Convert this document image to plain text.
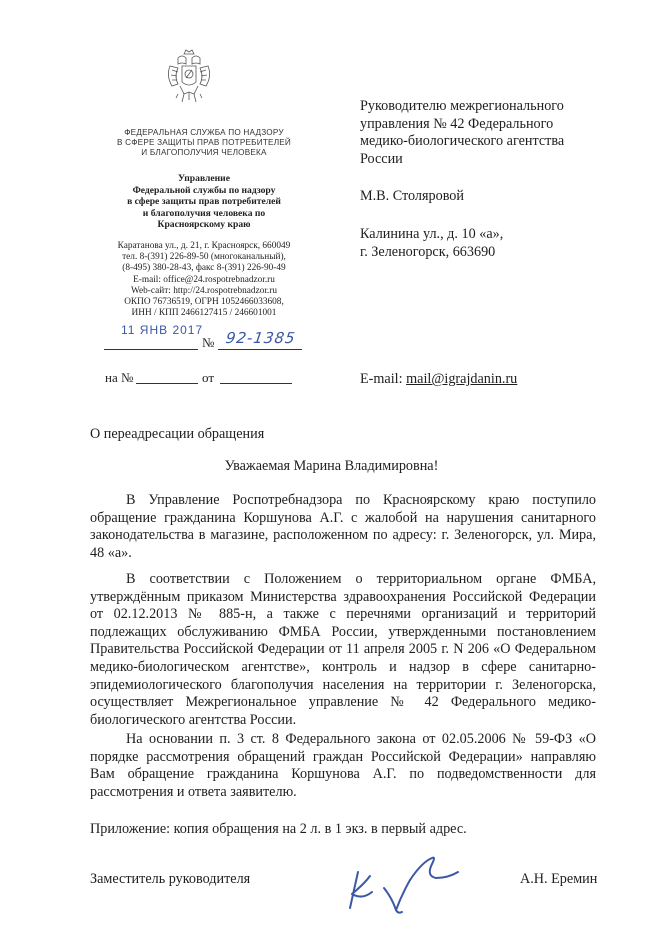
ФЕДЕРАЛЬНАЯ СЛУЖБА ПО НАДЗОРУ
В СФЕРЕ ЗАЩИТЫ ПРАВ ПОТРЕБИТЕЛЕЙ
И БЛАГОПОЛУЧИЯ ЧЕЛОВЕКА
Управление
Федеральной службы по надзору
в сфере защиты прав потребителей
и благополучия человека по
Красноярскому краю
Каратанова ул., д. 21, г. Красноярск, 660049
тел. 8-(391) 226-89-50 (многоканальный),
(8-495) 380-28-43, факс 8-(391) 226-90-49
E-mail: office@24.rospotrebnadzor.ru
Web-сайт: http://24.rospotrebnadzor.ru
ОКПО 76736519, ОГРН 1052466033608,
ИНН / КПП 2466127415 / 246601001
11 ЯНВ 2017
№ 92-1385
на №	от
Руководителю межрегионального
управления № 42 Федерального
медико-биологического агентства
России
М.В. Столяровой
Калинина ул., д. 10 «а»,
г. Зеленогорск, 663690
E-mail: mail@igrajdanin.ru
О переадресации обращения
Уважаемая Марина Владимировна!
В Управление Роспотребнадзора по Красноярскому краю поступило обращение гражданина Коршунова А.Г. с жалобой на нарушения санитарного законодательства в магазине, расположенном по адресу: г. Зеленогорск, ул. Мира, 48 «а».
В соответствии с Положением о территориальном органе ФМБА, утверждённым приказом Министерства здравоохранения Российской Федерации от 02.12.2013 № 885-н, а также с перечнями организаций и территорий подлежащих обслуживанию ФМБА России, утвержденными постановлением Правительства Российской Федерации от 11 апреля 2005 г. N 206 «О Федеральном медико-биологическом агентстве», контроль и надзор в сфере санитарно-эпидемиологического благополучия населения на территории г. Зеленогорска, осуществляет Межрегиональное управление № 42 Федерального медико-биологического агентства России.
На основании п. 3 ст. 8 Федерального закона от 02.05.2006 № 59-ФЗ «О порядке рассмотрения обращений граждан Российской Федерации» направляю Вам обращение гражданина Коршунова А.Г. по подведомственности для рассмотрения и ответа заявителю.
Приложение: копия обращения на 2 л. в 1 экз. в первый адрес.
Заместитель руководителя	А.Н. Еремин
